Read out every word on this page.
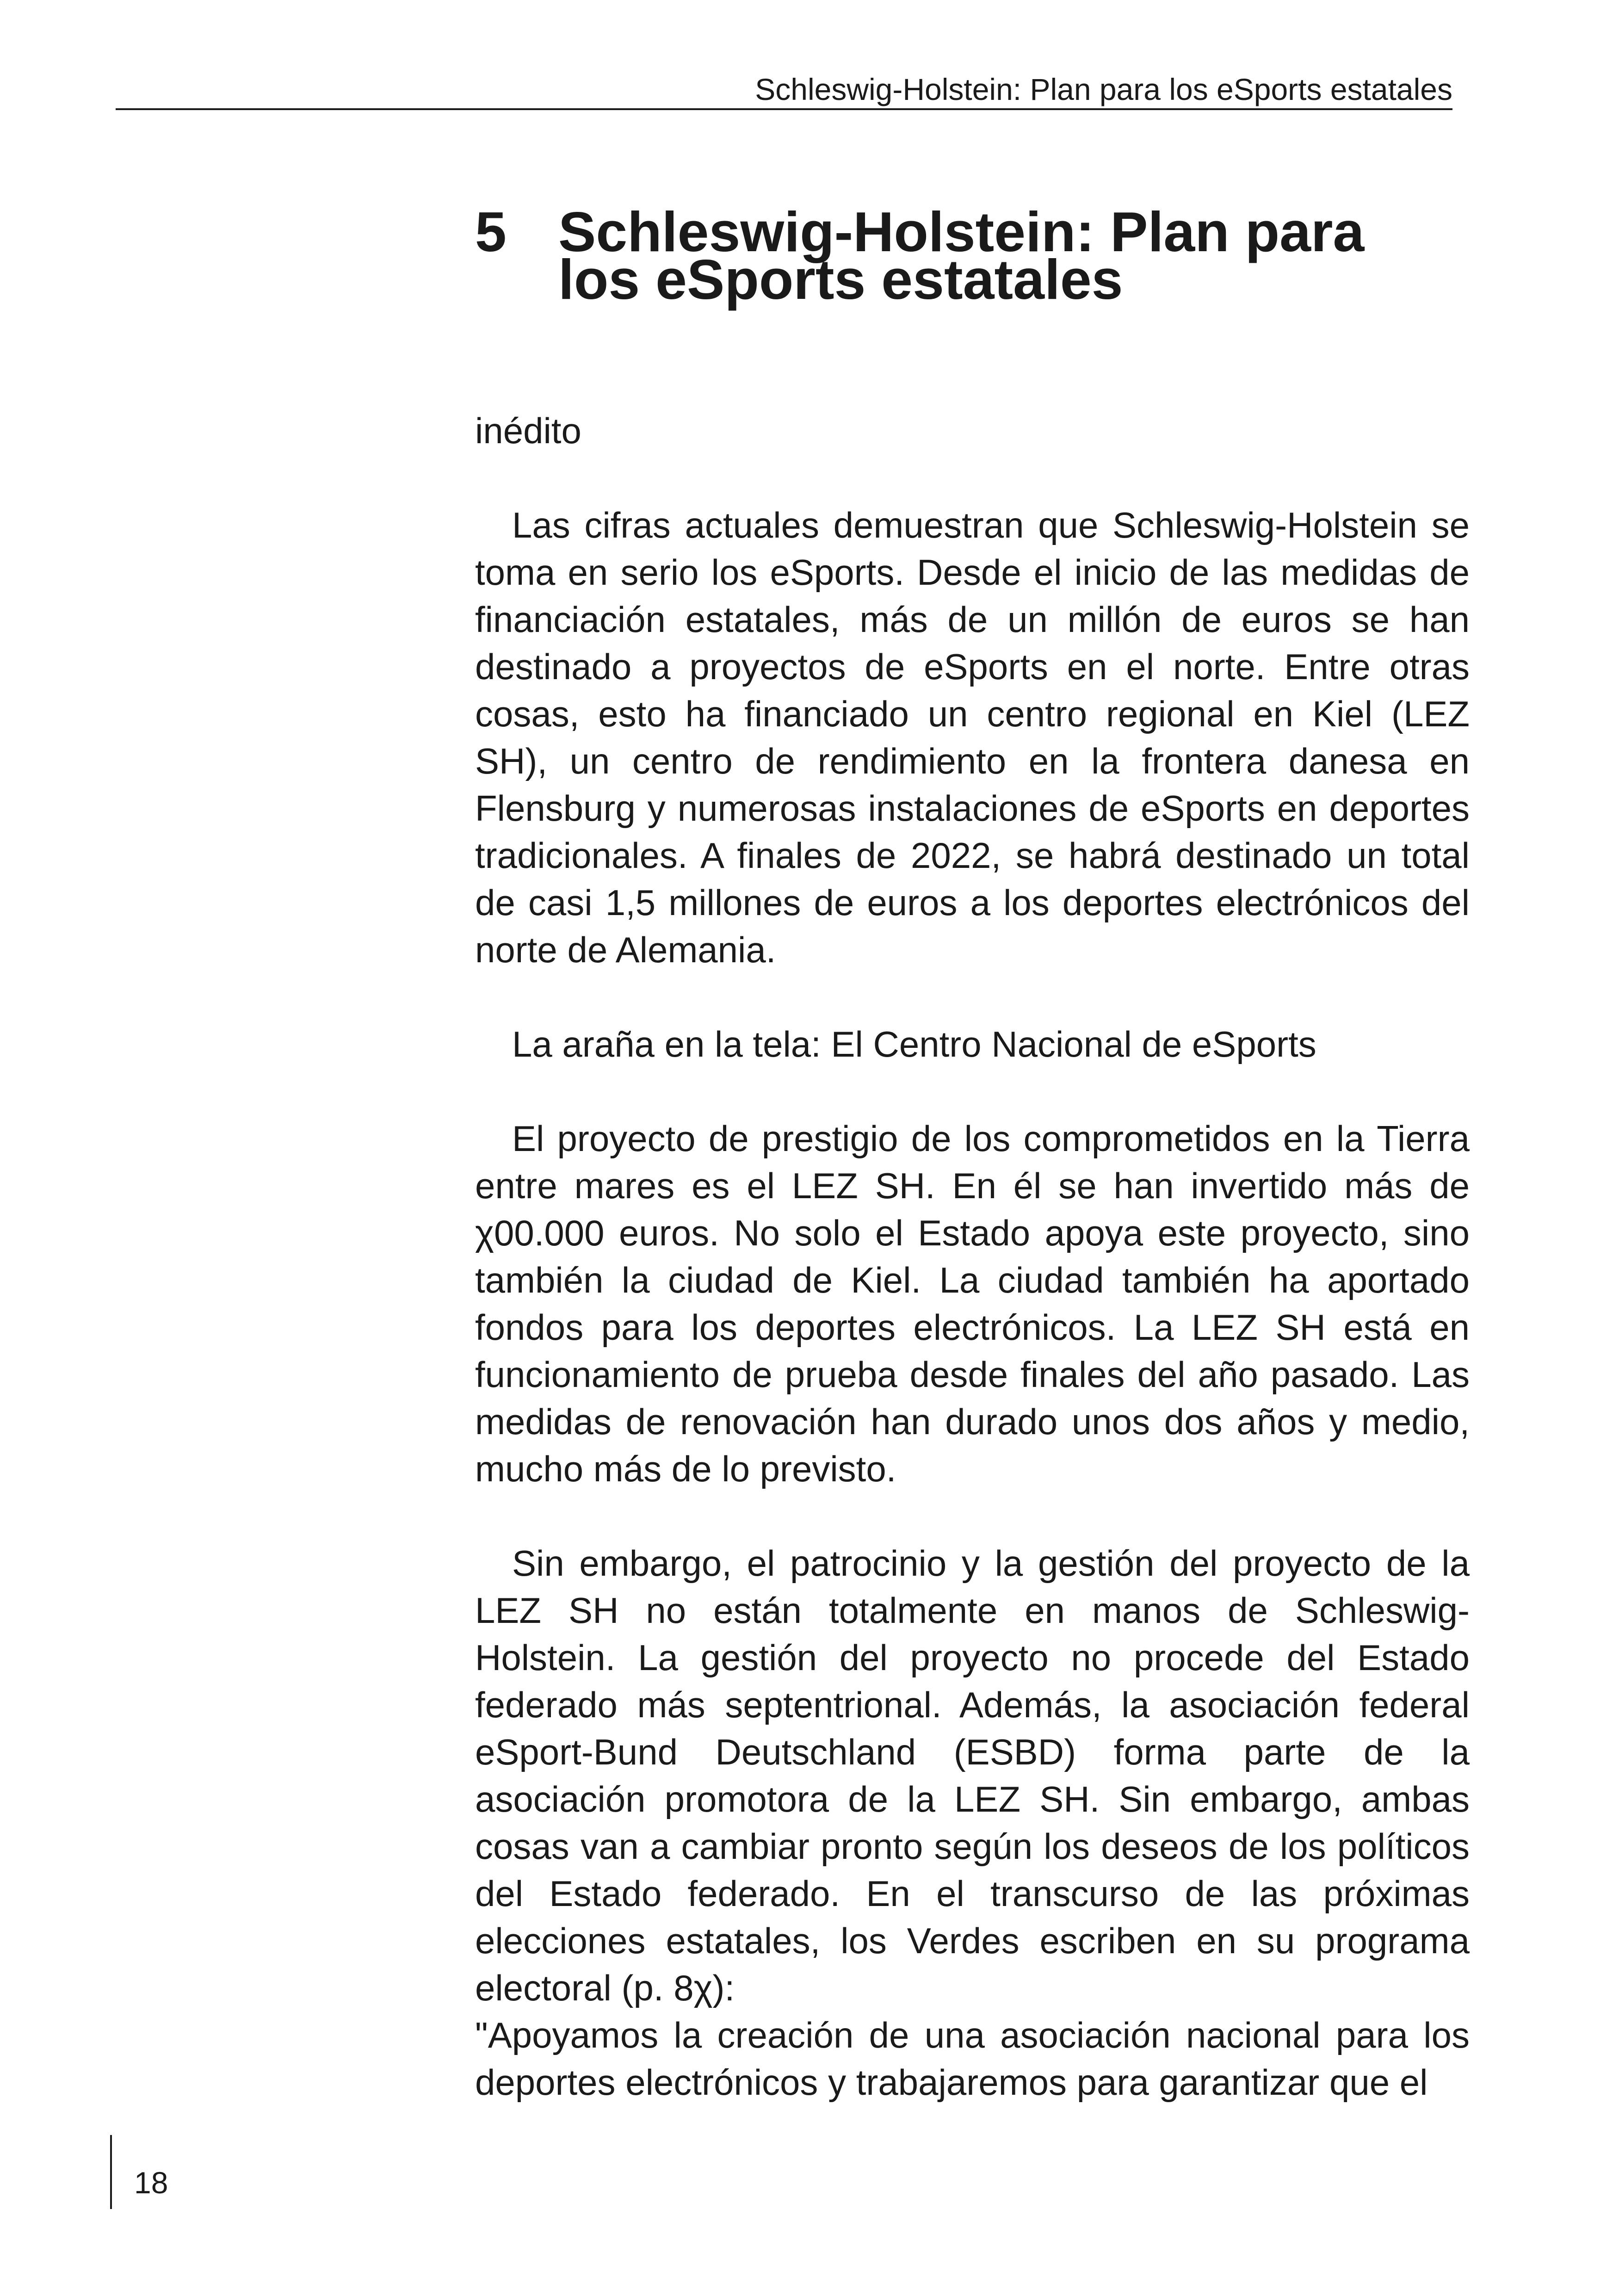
Schleswig-Holstein: Plan para los eSports estatales
5 Schleswig-Holstein: Plan para los eSports estatales

inédito

Las cifras actuales demuestran que Schleswig-Holstein se toma en serio los eSports. Desde el inicio de las medidas de financiación estatales, más de un millón de euros se han destinado a proyectos de eSports en el norte. Entre otras cosas, esto ha financiado un centro regional en Kiel (LEZ SH), un centro de rendimiento en la frontera danesa en Flensburg y numerosas instalaciones de eSports en deportes tradicionales. A finales de 2022, se habrá destinado un total de casi 1,5 millones de euros a los deportes electrónicos del norte de Alemania.

La araña en la tela: El Centro Nacional de eSports

El proyecto de prestigio de los comprometidos en la Tierra entre mares es el LEZ SH. En él se han invertido más de χ00.000 euros. No solo el Estado apoya este proyecto, sino también la ciudad de Kiel. La ciudad también ha aportado fondos para los deportes electrónicos. La LEZ SH está en funcionamiento de prueba desde finales del año pasado. Las medidas de renovación han durado unos dos años y medio, mucho más de lo previsto.

Sin embargo, el patrocinio y la gestión del proyecto de la LEZ SH no están totalmente en manos de Schleswig-Holstein. La gestión del proyecto no procede del Estado federado más septentrional. Además, la asociación federal eSport-Bund Deutschland (ESBD) forma parte de la asociación promotora de la LEZ SH. Sin embargo, ambas cosas van a cambiar pronto según los deseos de los políticos del Estado federado. En el transcurso de las próximas elecciones estatales, los Verdes escriben en su programa electoral (p. 8χ):

"Apoyamos la creación de una asociación nacional para los deportes electrónicos y trabajaremos para garantizar que el

18
